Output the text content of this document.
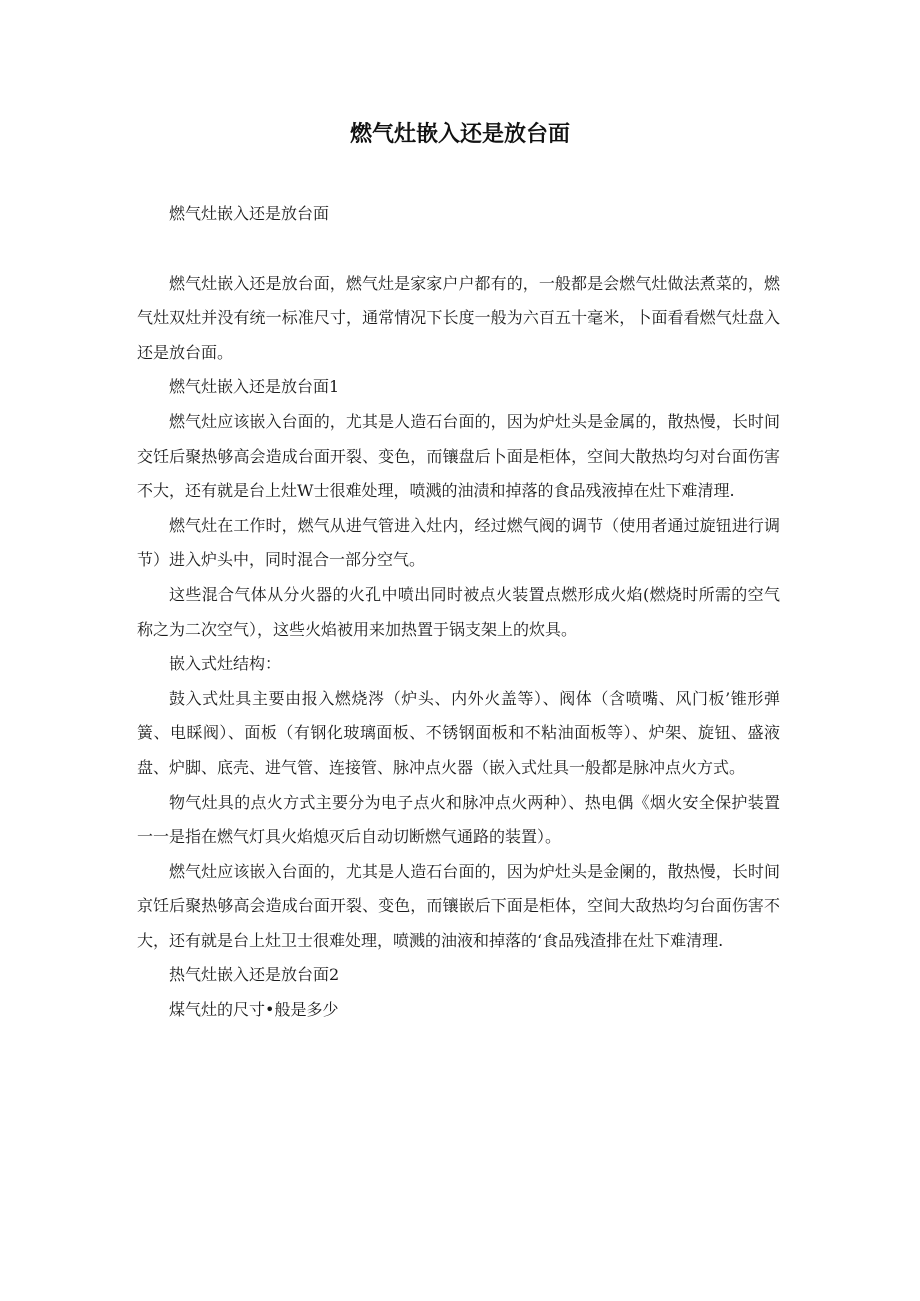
燃气灶嵌入还是放台面

燃气灶嵌入还是放台面

燃气灶嵌入还是放台面，燃气灶是家家户户都有的，一般都是会燃气灶做法煮菜的，燃气灶双灶并没有统一标准尺寸，通常情况下长度一般为六百五十毫米，卜面看看燃气灶盘入还是放台面。

燃气灶嵌入还是放台面1

燃气灶应该嵌入台面的，尤其是人造石台面的，因为炉灶头是金属的，散热慢，长时间交饪后聚热够高会造成台面开裂、变色，而镶盘后卜面是柜体，空间大散热均匀对台面伤害不大，还有就是台上灶W士很难处理，喷溅的油渍和掉落的食品残液掉在灶下难清理.

燃气灶在工作时，燃气从进气管进入灶内，经过燃气阀的调节（使用者通过旋钮进行调节）进入炉头中，同时混合一部分空气。

这些混合气体从分火器的火孔中喷出同时被点火装置点燃形成火焰(燃烧时所需的空气称之为二次空气），这些火焰被用来加热置于锅支架上的炊具。

嵌入式灶结构：

鼓入式灶具主要由报入燃烧涔（炉头、内外火盖等）、阀体（含喷嘴、风门板’锥形弹簧、电睬阀）、面板（有钢化玻璃面板、不锈钢面板和不粘油面板等）、炉架、旋钮、盛液盘、炉脚、底壳、进气管、连接管、脉冲点火器（嵌入式灶具一般都是脉冲点火方式。

物气灶具的点火方式主要分为电子点火和脉冲点火两种）、热电偶《烟火安全保护装置一一是指在燃气灯具火焰熄灭后自动切断燃气通路的装置）。

燃气灶应该嵌入台面的，尤其是人造石台面的，因为炉灶头是金阑的，散热慢，长时间京饪后聚热够高会造成台面开裂、变色，而镶嵌后下面是柜体，空间大敌热均匀台面伤害不大，还有就是台上灶卫士很难处理，喷溅的油液和掉落的‘食品残渣排在灶下难清理.

热气灶嵌入还是放台面2

煤气灶的尺寸•般是多少
